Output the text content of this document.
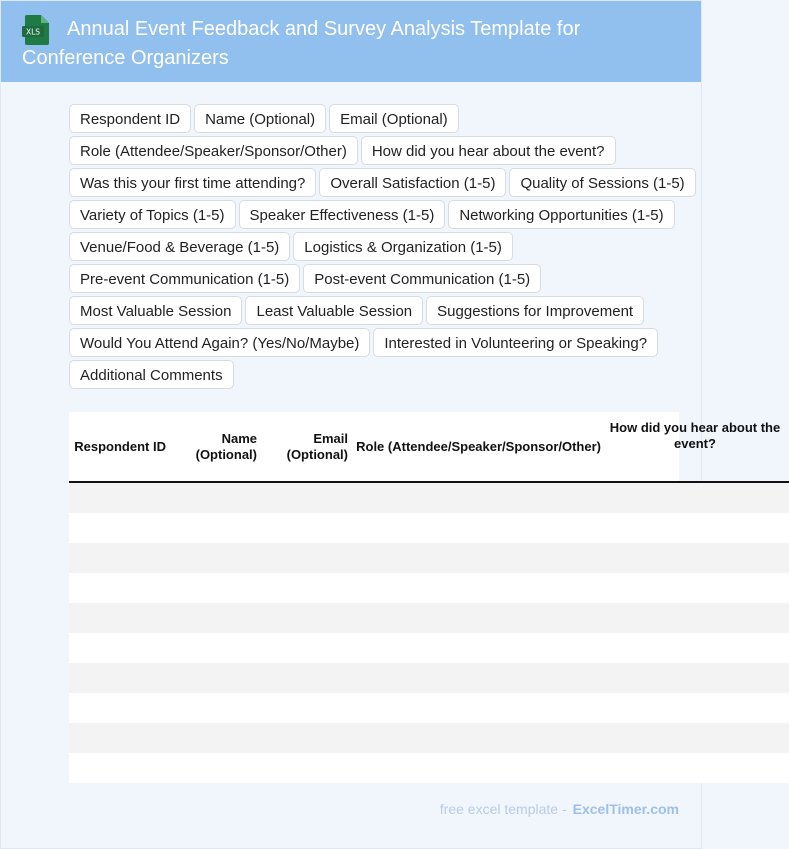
XLS	Annual Event Feedback and Survey Analysis Template for Conference Organizers
Respondent ID	Name (Optional)	Email (Optional)
Role (Attendee/Speaker/Sponsor/Other)	How did you hear about the event?
Was this your first time attending?	Overall Satisfaction (1-5)	Quality of Sessions (1-5)
Variety of Topics (1-5)	Speaker Effectiveness (1-5)	Networking Opportunities (1-5)
Venue/Food & Beverage (1-5)	Logistics & Organization (1-5)
Pre-event Communication (1-5)	Post-event Communication (1-5)
Most Valuable Session	Least Valuable Session	Suggestions for Improvement
Would You Attend Again? (Yes/No/Maybe)	Interested in Volunteering or Speaking?
Additional Comments
Respondent ID	Name (Optional)	Email (Optional)	Role (Attendee/Speaker/Sponsor/Other)	How did you hear about the event?

free excel template - ExcelTimer.com
